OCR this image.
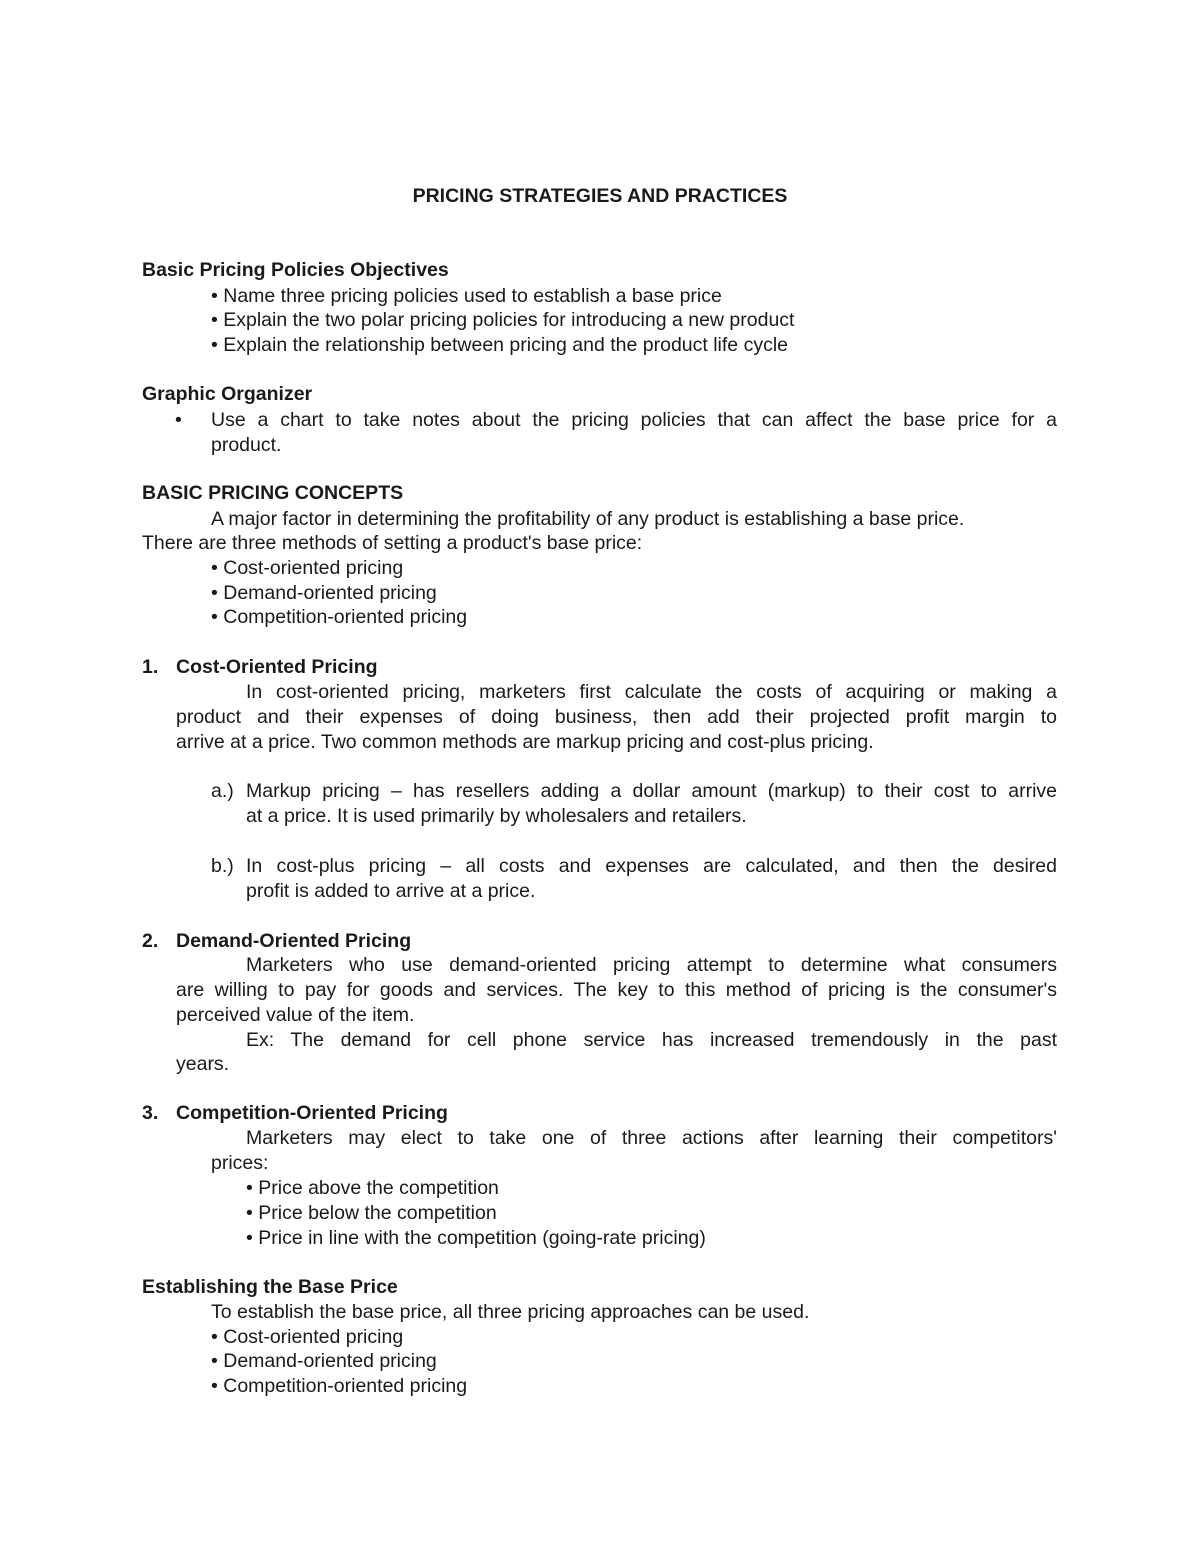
PRICING STRATEGIES AND PRACTICES
Basic Pricing Policies Objectives
• Name three pricing policies used to establish a base price
• Explain the two polar pricing policies for introducing a new product
• Explain the relationship between pricing and the product life cycle
Graphic Organizer
• Use a chart to take notes about the pricing policies that can affect the base price for a
product.
BASIC PRICING CONCEPTS
A major factor in determining the profitability of any product is establishing a base price.
There are three methods of setting a product's base price:
• Cost-oriented pricing
• Demand-oriented pricing
• Competition-oriented pricing
1. Cost-Oriented Pricing
In cost-oriented pricing, marketers first calculate the costs of acquiring or making a
product and their expenses of doing business, then add their projected profit margin to
arrive at a price. Two common methods are markup pricing and cost-plus pricing.
a.) Markup pricing – has resellers adding a dollar amount (markup) to their cost to arrive
at a price. It is used primarily by wholesalers and retailers.
b.) In cost-plus pricing – all costs and expenses are calculated, and then the desired
profit is added to arrive at a price.
2. Demand-Oriented Pricing
Marketers who use demand-oriented pricing attempt to determine what consumers
are willing to pay for goods and services. The key to this method of pricing is the consumer's
perceived value of the item.
Ex: The demand for cell phone service has increased tremendously in the past
years.
3. Competition-Oriented Pricing
Marketers may elect to take one of three actions after learning their competitors'
prices:
• Price above the competition
• Price below the competition
• Price in line with the competition (going-rate pricing)
Establishing the Base Price
To establish the base price, all three pricing approaches can be used.
• Cost-oriented pricing
• Demand-oriented pricing
• Competition-oriented pricing
